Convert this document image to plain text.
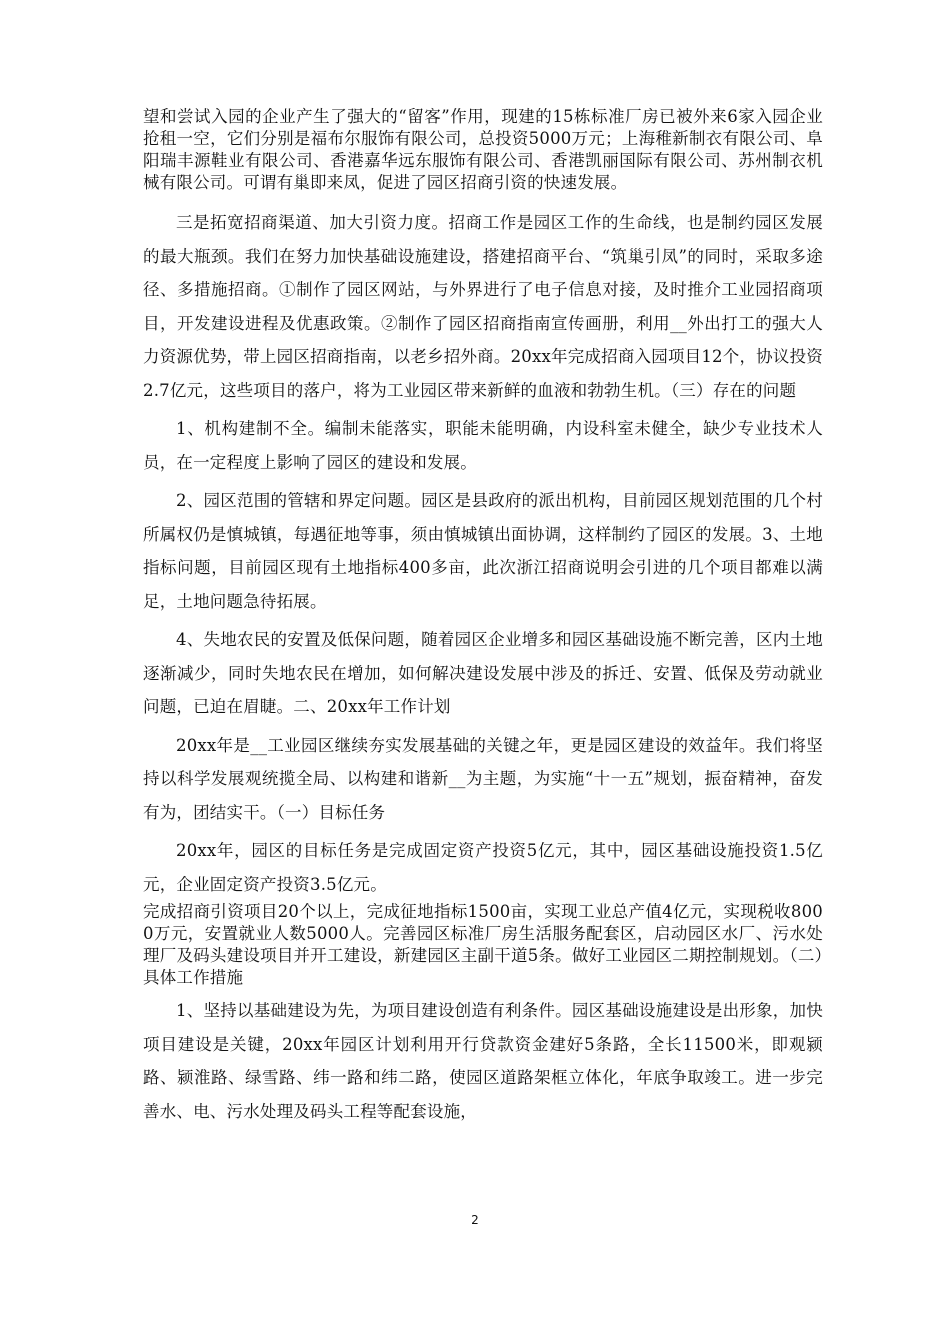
望和尝试入园的企业产生了强大的“留客”作用，现建的15栋标准厂房已被外来6家入园企业抢租一空，它们分别是福布尔服饰有限公司，总投资5000万元；上海稚新制衣有限公司、阜阳瑞丰源鞋业有限公司、香港嘉华远东服饰有限公司、香港凯丽国际有限公司、苏州制衣机械有限公司。可谓有巢即来凤，促进了园区招商引资的快速发展。

三是拓宽招商渠道、加大引资力度。招商工作是园区工作的生命线，也是制约园区发展的最大瓶颈。我们在努力加快基础设施建设，搭建招商平台、“筑巢引凤”的同时，采取多途径、多措施招商。①制作了园区网站，与外界进行了电子信息对接，及时推介工业园招商项目，开发建设进程及优惠政策。②制作了园区招商指南宣传画册，利用__外出打工的强大人力资源优势，带上园区招商指南，以老乡招外商。20xx年完成招商入园项目12个，协议投资2.7亿元，这些项目的落户，将为工业园区带来新鲜的血液和勃勃生机。（三）存在的问题

1、机构建制不全。编制未能落实，职能未能明确，内设科室未健全，缺少专业技术人员，在一定程度上影响了园区的建设和发展。

2、园区范围的管辖和界定问题。园区是县政府的派出机构，目前园区规划范围的几个村所属权仍是慎城镇，每遇征地等事，须由慎城镇出面协调，这样制约了园区的发展。3、土地指标问题，目前园区现有土地指标400多亩，此次浙江招商说明会引进的几个项目都难以满足，土地问题急待拓展。

4、失地农民的安置及低保问题，随着园区企业增多和园区基础设施不断完善，区内土地逐渐减少，同时失地农民在增加，如何解决建设发展中涉及的拆迁、安置、低保及劳动就业问题，已迫在眉睫。二、20xx年工作计划

20xx年是__工业园区继续夯实发展基础的关键之年，更是园区建设的效益年。我们将坚持以科学发展观统揽全局、以构建和谐新__为主题，为实施“十一五”规划，振奋精神，奋发有为，团结实干。（一）目标任务

20xx年，园区的目标任务是完成固定资产投资5亿元，其中，园区基础设施投资1.5亿元，企业固定资产投资3.5亿元。

完成招商引资项目20个以上，完成征地指标1500亩，实现工业总产值4亿元，实现税收8000万元，安置就业人数5000人。完善园区标准厂房生活服务配套区，启动园区水厂、污水处理厂及码头建设项目并开工建设，新建园区主副干道5条。做好工业园区二期控制规划。（二）具体工作措施

1、坚持以基础建设为先，为项目建设创造有利条件。园区基础设施建设是出形象，加快项目建设是关键，20xx年园区计划利用开行贷款资金建好5条路，全长11500米，即观颍路、颍淮路、绿雪路、纬一路和纬二路，使园区道路架框立体化，年底争取竣工。进一步完善水、电、污水处理及码头工程等配套设施，

2
